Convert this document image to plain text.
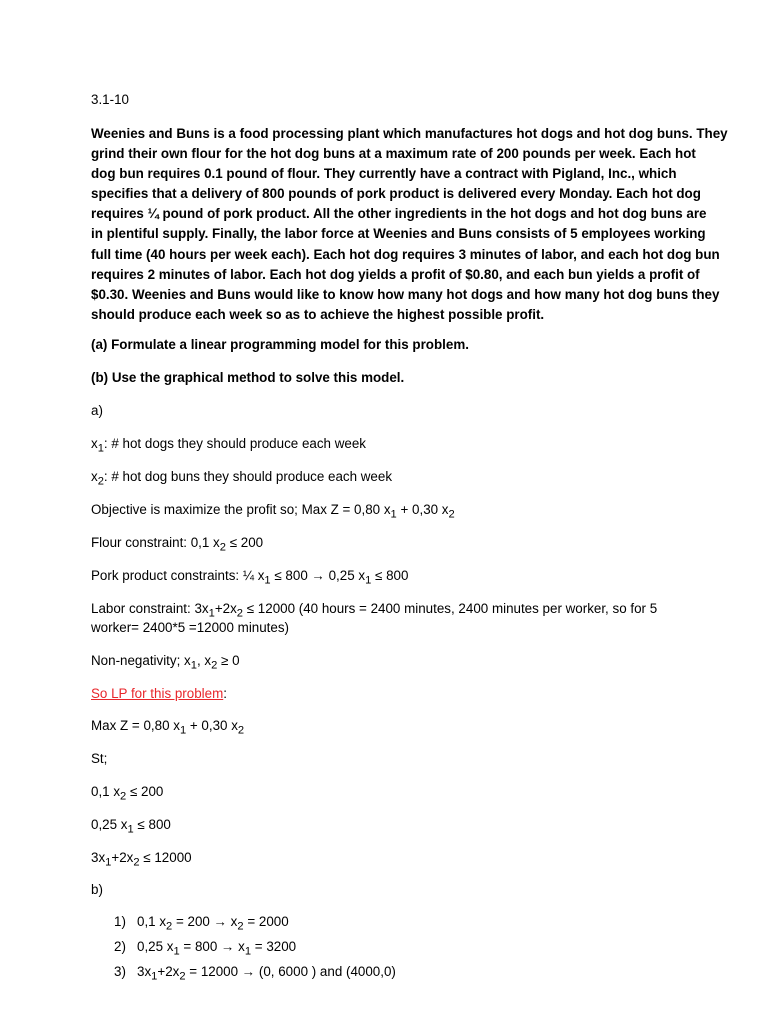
3.1-10
Weenies and Buns is a food processing plant which manufactures hot dogs and hot dog buns. They
grind their own flour for the hot dog buns at a maximum rate of 200 pounds per week. Each hot
dog bun requires 0.1 pound of flour. They currently have a contract with Pigland, Inc., which
specifies that a delivery of 800 pounds of pork product is delivered every Monday. Each hot dog
requires ¼ pound of pork product. All the other ingredients in the hot dogs and hot dog buns are
in plentiful supply. Finally, the labor force at Weenies and Buns consists of 5 employees working
full time (40 hours per week each). Each hot dog requires 3 minutes of labor, and each hot dog bun
requires 2 minutes of labor. Each hot dog yields a profit of $0.80, and each bun yields a profit of
$0.30. Weenies and Buns would like to know how many hot dogs and how many hot dog buns they
should produce each week so as to achieve the highest possible profit.
(a) Formulate a linear programming model for this problem.
(b) Use the graphical method to solve this model.
a)
$x_1$: # hot dogs they should produce each week
$x_2$: # hot dog buns they should produce each week
Objective is maximize the profit so; Max Z = 0,80 $x_1 + 0,30$ $x_2$
Flour constraint: 0,1 $x_2 \le 200$
Pork product constraints: ¼ $x_1 \le 800 \to 0,25$ $x_1 \le 800$
Labor constraint: $3x_1+2x_2 \le 12000$ (40 hours = 2400 minutes, 2400 minutes per worker, so for 5
worker= 2400*5 =12000 minutes)
Non-negativity; $x_1$, $x_2 \ge 0$
So LP for this problem:
Max Z = 0,80 $x_1 + 0,30$ $x_2$
St;
0,1 $x_2 \le 200$
0,25 $x_1 \le 800$
$3x_1+2x_2 \le 12000$
b)
1) 0,1 $x_2 = 200 \to x_2 = 2000$
2) 0,25 $x_1 = 800 \to x_1 = 3200$
3) $3x_1+2x_2 = 12000 \to (0$, 6000 ) and (4000,0)
